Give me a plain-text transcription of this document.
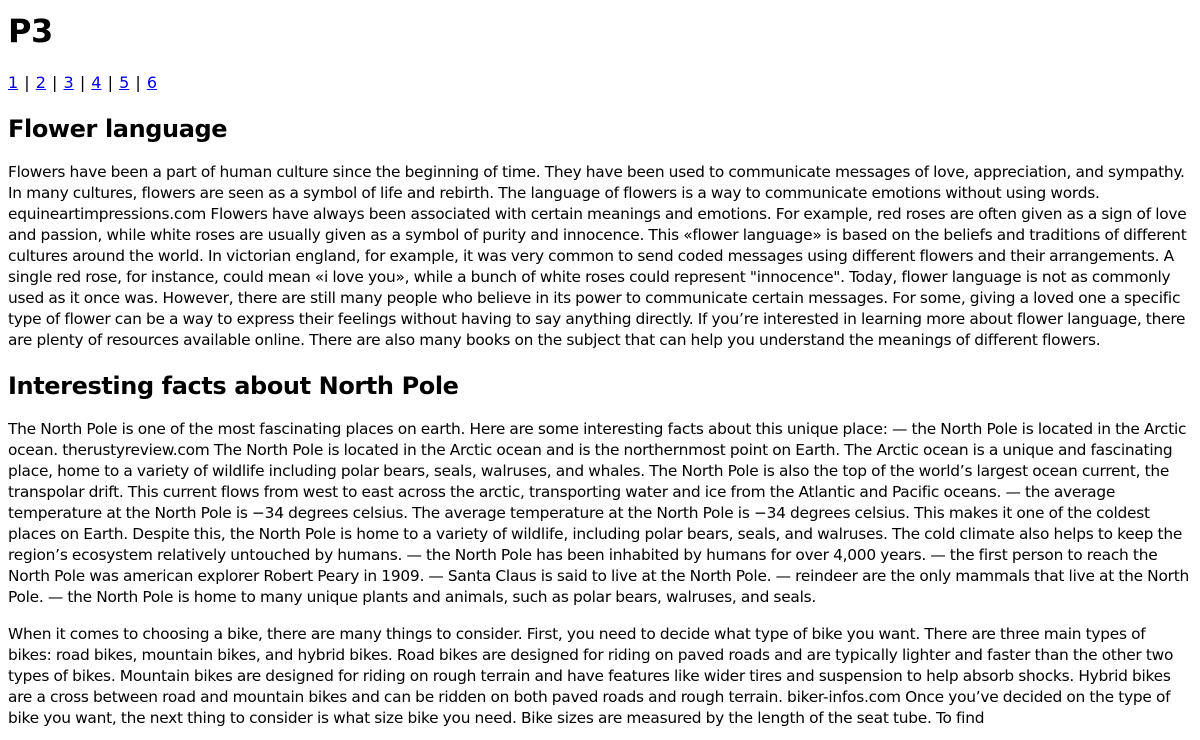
P3
1 | 2 | 3 | 4 | 5 | 6
Flower language

Flowers have been a part of human culture since the beginning of time. They have been used to communicate messages of love, appreciation, and sympathy. In many cultures, flowers are seen as a symbol of life and rebirth. The language of flowers is a way to communicate emotions without using words. equineartimpressions.com Flowers have always been associated with certain meanings and emotions. For example, red roses are often given as a sign of love and passion, while white roses are usually given as a symbol of purity and innocence. This «flower language» is based on the beliefs and traditions of different cultures around the world. In victorian england, for example, it was very common to send coded messages using different flowers and their arrangements. A single red rose, for instance, could mean «i love you», while a bunch of white roses could represent "innocence". Today, flower language is not as commonly used as it once was. However, there are still many people who believe in its power to communicate certain messages. For some, giving a loved one a specific type of flower can be a way to express their feelings without having to say anything directly. If you’re interested in learning more about flower language, there are plenty of resources available online. There are also many books on the subject that can help you understand the meanings of different flowers.

Interesting facts about North Pole

The North Pole is one of the most fascinating places on earth. Here are some interesting facts about this unique place: — the North Pole is located in the Arctic ocean. therustyreview.com The North Pole is located in the Arctic ocean and is the northernmost point on Earth. The Arctic ocean is a unique and fascinating place, home to a variety of wildlife including polar bears, seals, walruses, and whales. The North Pole is also the top of the world’s largest ocean current, the transpolar drift. This current flows from west to east across the arctic, transporting water and ice from the Atlantic and Pacific oceans. — the average temperature at the North Pole is −34 degrees celsius. The average temperature at the North Pole is −34 degrees celsius. This makes it one of the coldest places on Earth. Despite this, the North Pole is home to a variety of wildlife, including polar bears, seals, and walruses. The cold climate also helps to keep the region’s ecosystem relatively untouched by humans. — the North Pole has been inhabited by humans for over 4,000 years. — the first person to reach the North Pole was american explorer Robert Peary in 1909. — Santa Claus is said to live at the North Pole. — reindeer are the only mammals that live at the North Pole. — the North Pole is home to many unique plants and animals, such as polar bears, walruses, and seals.

When it comes to choosing a bike, there are many things to consider. First, you need to decide what type of bike you want. There are three main types of bikes: road bikes, mountain bikes, and hybrid bikes. Road bikes are designed for riding on paved roads and are typically lighter and faster than the other two types of bikes. Mountain bikes are designed for riding on rough terrain and have features like wider tires and suspension to help absorb shocks. Hybrid bikes are a cross between road and mountain bikes and can be ridden on both paved roads and rough terrain. biker-infos.com Once you’ve decided on the type of bike you want, the next thing to consider is what size bike you need. Bike sizes are measured by the length of the seat tube. To find
